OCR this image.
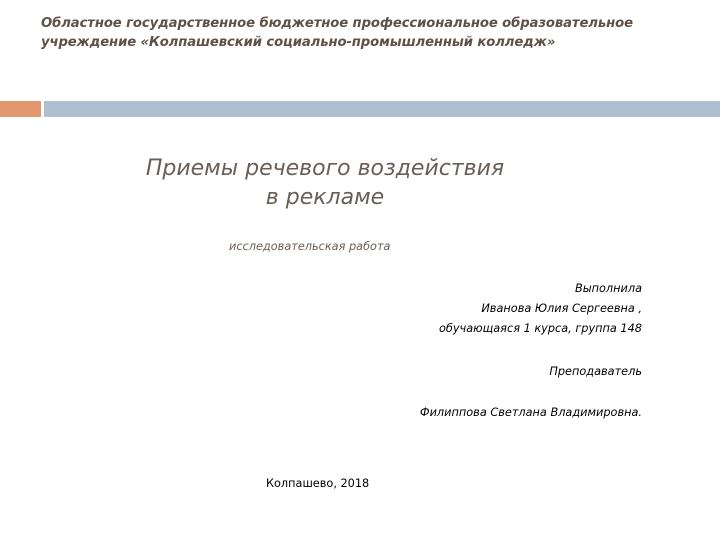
Областное государственное бюджетное профессиональное образовательное учреждение «Колпашевский социально-промышленный колледж»
Приемы речевого воздействия
в рекламе
исследовательская работа
Выполнила
Иванова Юлия Сергеевна ,
обучающаяся 1 курса, группа 148
Преподаватель
Филиппова Светлана Владимировна.
Колпашево, 2018
